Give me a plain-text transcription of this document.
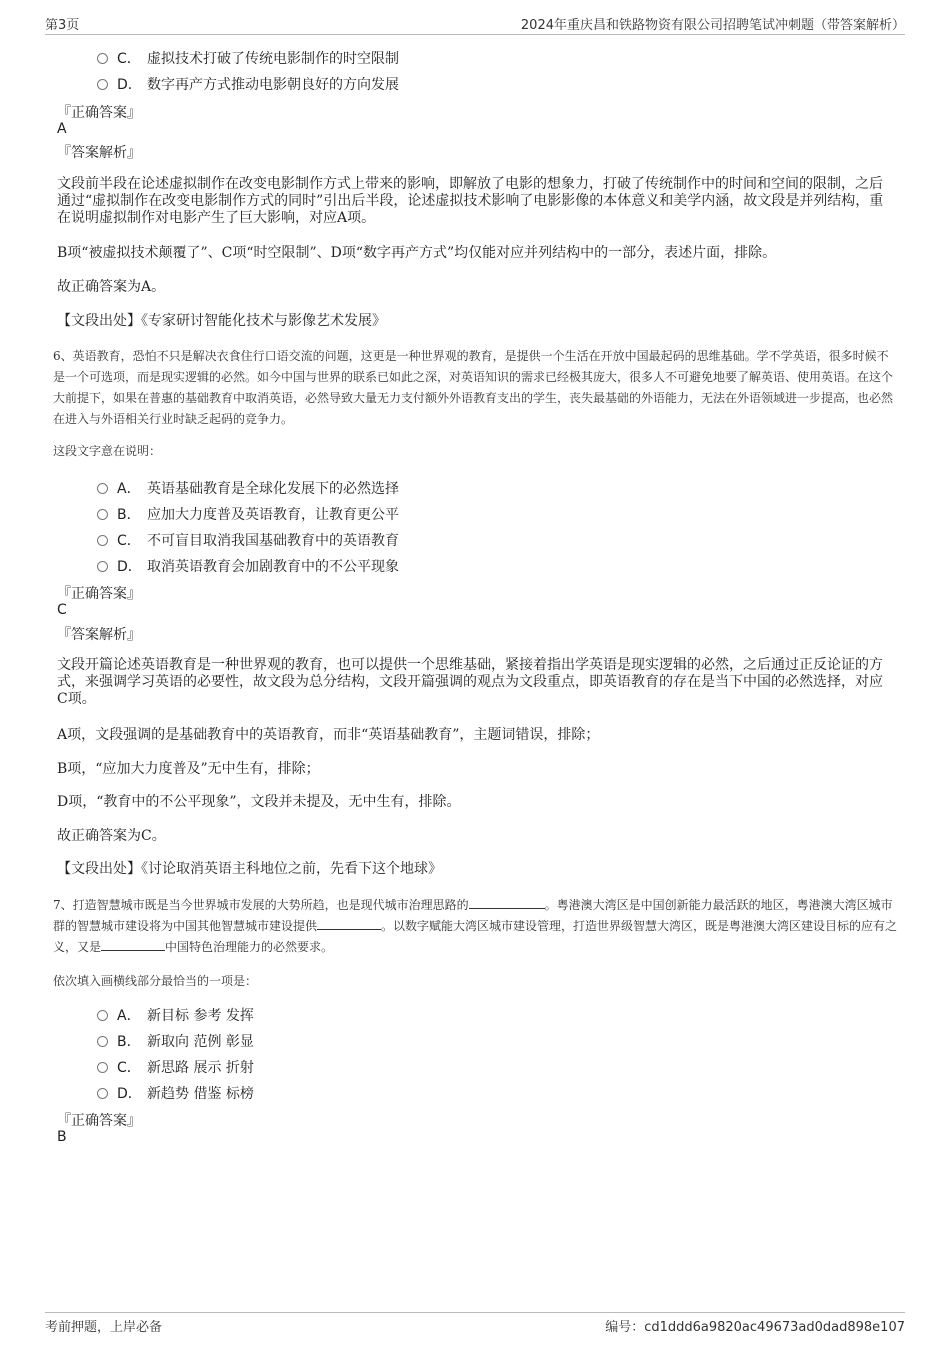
第3页	2024年重庆昌和铁路物资有限公司招聘笔试冲刺题（带答案解析）
C． 虚拟技术打破了传统电影制作的时空限制
D． 数字再产方式推动电影朝良好的方向发展
『正确答案』
A
『答案解析』
文段前半段在论述虚拟制作在改变电影制作方式上带来的影响，即解放了电影的想象力，打破了传统制作中的时间和空间的限制，之后通过“虚拟制作在改变电影制作方式的同时”引出后半段，论述虚拟技术影响了电影影像的本体意义和美学内涵，故文段是并列结构，重在说明虚拟制作对电影产生了巨大影响，对应A项。
B项“被虚拟技术颠覆了”、C项“时空限制”、D项“数字再产方式”均仅能对应并列结构中的一部分，表述片面，排除。
故正确答案为A。
【文段出处】《专家研讨智能化技术与影像艺术发展》
6、英语教育，恐怕不只是解决衣食住行口语交流的问题，这更是一种世界观的教育，是提供一个生活在开放中国最起码的思维基础。学不学英语，很多时候不是一个可选项，而是现实逻辑的必然。如今中国与世界的联系已如此之深，对英语知识的需求已经极其庞大，很多人不可避免地要了解英语、使用英语。在这个大前提下，如果在普惠的基础教育中取消英语，必然导致大量无力支付额外外语教育支出的学生，丧失最基础的外语能力，无法在外语领域进一步提高，也必然在进入与外语相关行业时缺乏起码的竞争力。
这段文字意在说明：
A． 英语基础教育是全球化发展下的必然选择
B． 应加大力度普及英语教育，让教育更公平
C． 不可盲目取消我国基础教育中的英语教育
D． 取消英语教育会加剧教育中的不公平现象
『正确答案』
C
『答案解析』
文段开篇论述英语教育是一种世界观的教育，也可以提供一个思维基础，紧接着指出学英语是现实逻辑的必然，之后通过正反论证的方式，来强调学习英语的必要性，故文段为总分结构，文段开篇强调的观点为文段重点，即英语教育的存在是当下中国的必然选择，对应C项。
A项，文段强调的是基础教育中的英语教育，而非“英语基础教育”，主题词错误，排除；
B项，“应加大力度普及”无中生有，排除；
D项，“教育中的不公平现象”，文段并未提及，无中生有，排除。
故正确答案为C。
【文段出处】《讨论取消英语主科地位之前，先看下这个地球》
7、打造智慧城市既是当今世界城市发展的大势所趋，也是现代城市治理思路的	。粤港澳大湾区是中国创新能力最活跃的地区，粤港澳大湾区城市群的智慧城市建设将为中国其他智慧城市建设提供	。以数字赋能大湾区城市建设管理，打造世界级智慧大湾区，既是粤港澳大湾区建设目标的应有之义，又是	中国特色治理能力的必然要求。
依次填入画横线部分最恰当的一项是：
A． 新目标 参考 发挥
B． 新取向 范例 彰显
C． 新思路 展示 折射
D． 新趋势 借鉴 标榜
『正确答案』
B
考前押题，上岸必备	编号：cd1ddd6a9820ac49673ad0dad898e107
